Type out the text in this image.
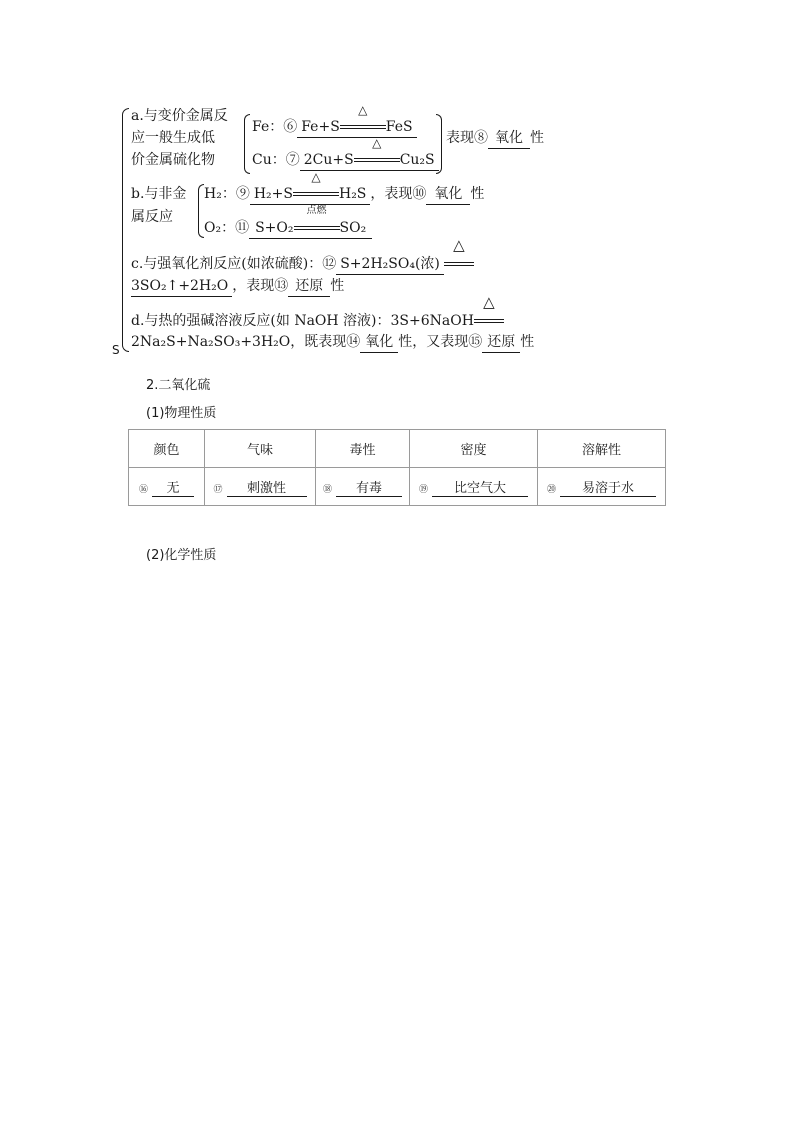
S
a.与变价金属反
应一般生成低
价金属硫化物
Fe：⑥ Fe+S
△
FeS
Cu：⑦ 2Cu+S
△
Cu₂S
表现⑧ 氧化 性
b.与非金
属反应
H₂：⑨ H₂+S
△
H₂S ，表现⑩ 氧化 性
O₂：⑪ S+O₂
点燃
SO₂
c.与强氧化剂反应(如浓硫酸)：⑫ S+2H₂SO₄(浓)
△
3SO₂↑+2H₂O ，表现⑬ 还原 性
d.与热的强碱溶液反应(如 NaOH 溶液)：3S+6NaOH
△
2Na₂S+Na₂SO₃+3H₂O，既表现⑭ 氧化 性，又表现⑮ 还原 性
2.二氧化硫
(1)物理性质
颜色	气味	毒性	密度	溶解性
⑯ 无	⑰ 刺激性	⑱ 有毒	⑲ 比空气大	⑳ 易溶于水
(2)化学性质
